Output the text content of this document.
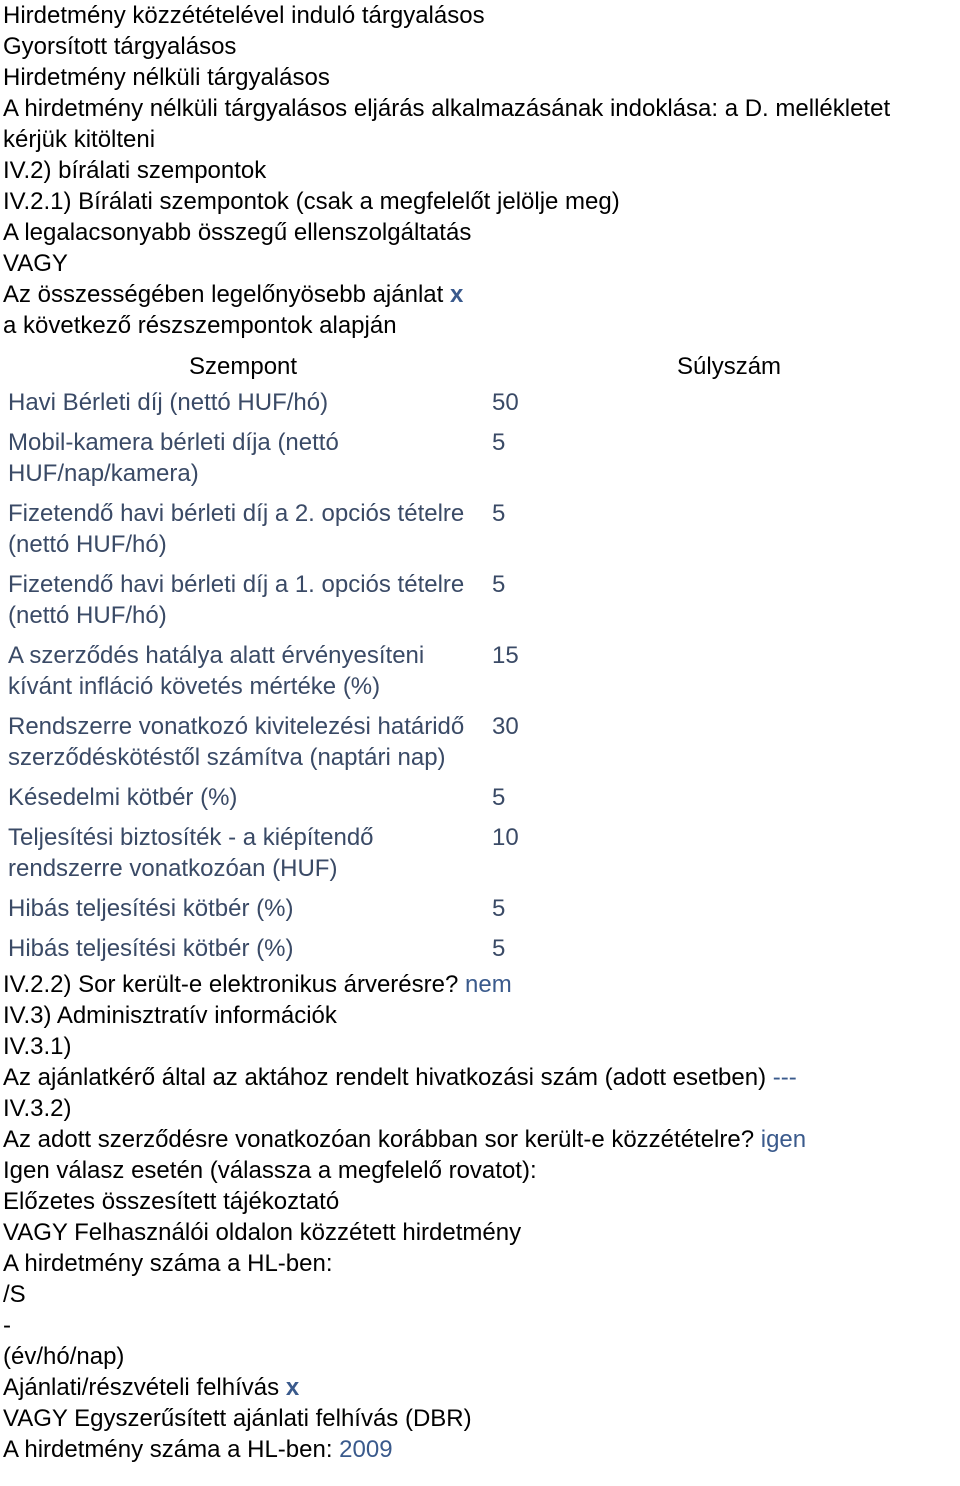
Hirdetmény közzétételével induló tárgyalásos
Gyorsított tárgyalásos
Hirdetmény nélküli tárgyalásos
A hirdetmény nélküli tárgyalásos eljárás alkalmazásának indoklása: a D. mellékletet kérjük kitölteni
IV.2) bírálati szempontok
IV.2.1) Bírálati szempontok (csak a megfelelőt jelölje meg)
A legalacsonyabb összegű ellenszolgáltatás
VAGY
Az összességében legelőnyösebb ajánlat x
a következő részszempontok alapján
Szempont	Súlyszám
Havi Bérleti díj (nettó HUF/hó)	50
Mobil-kamera bérleti díja (nettó HUF/nap/kamera)
5
Fizetendő havi bérleti díj a 2. opciós tételre (nettó HUF/hó)
5
Fizetendő havi bérleti díj a 1. opciós tételre (nettó HUF/hó)
5
A szerződés hatálya alatt érvényesíteni kívánt infláció követés mértéke (%)
15
Rendszerre vonatkozó kivitelezési határidő szerződéskötéstől számítva (naptári nap)
30
Késedelmi kötbér (%)	5
Teljesítési biztosíték - a kiépítendő rendszerre vonatkozóan (HUF)
10
Hibás teljesítési kötbér (%)	5
Hibás teljesítési kötbér (%)	5
IV.2.2) Sor került-e elektronikus árverésre? nem
IV.3) Adminisztratív információk
IV.3.1)
Az ajánlatkérő által az aktához rendelt hivatkozási szám (adott esetben) ---
IV.3.2)
Az adott szerződésre vonatkozóan korábban sor került-e közzétételre? igen
Igen válasz esetén (válassza a megfelelő rovatot):
Előzetes összesített tájékoztató
VAGY Felhasználói oldalon közzétett hirdetmény
A hirdetmény száma a HL-ben:
/S
-
(év/hó/nap)
Ajánlati/részvételi felhívás x
VAGY Egyszerűsített ajánlati felhívás (DBR)
A hirdetmény száma a HL-ben: 2009
